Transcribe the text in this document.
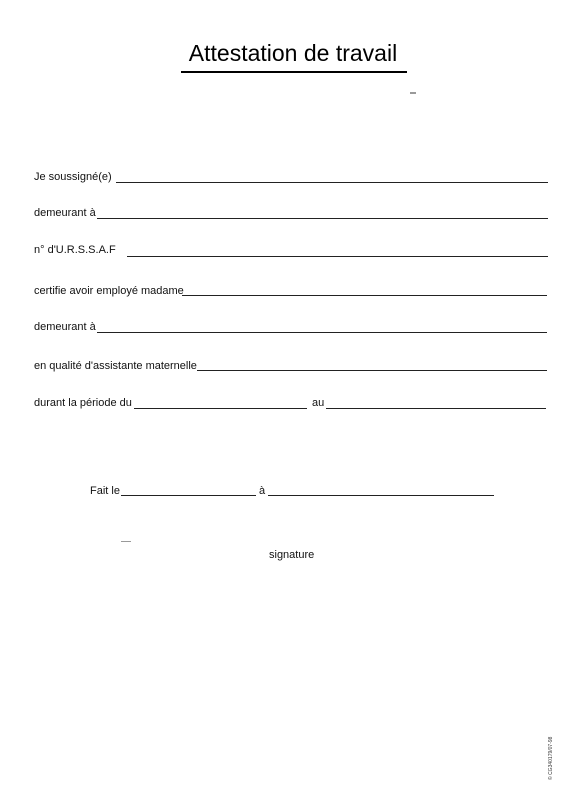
Attestation de travail
Je soussigné(e)
demeurant à
n° d'U.R.S.S.A.F
certifie avoir employé madame
demeurant à
en qualité d'assistante maternelle
durant la période du	au
Fait le	à
signature
© CG340179/07-98
